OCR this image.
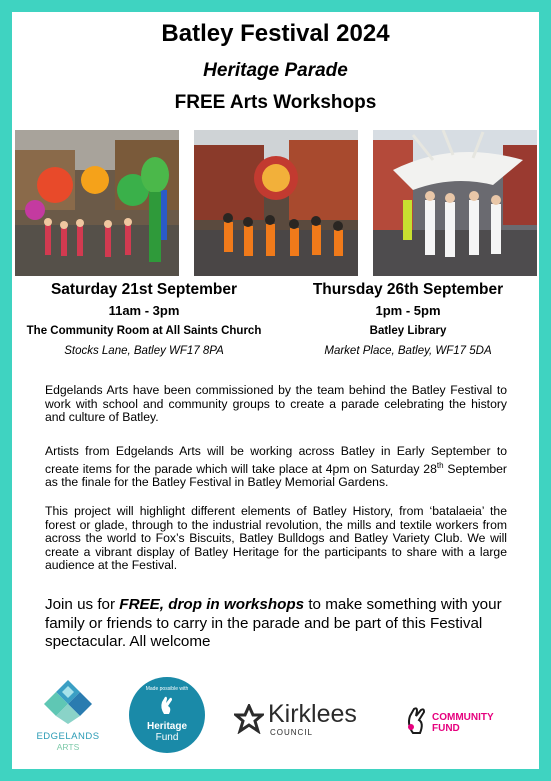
Batley Festival 2024
Heritage Parade
FREE Arts Workshops
Saturday 21st September
11am - 3pm
The Community Room at All Saints Church
Stocks Lane, Batley WF17 8PA
Thursday 26th September
1pm - 5pm
Batley Library
Market Place, Batley, WF17 5DA

Edgelands Arts have been commissioned by the team behind the Batley Festival to work with school and community groups to create a parade celebrating the history and culture of Batley.

Artists from Edgelands Arts will be working across Batley in Early September to create items for the parade which will take place at 4pm on Saturday 28th September as the finale for the Batley Festival in Batley Memorial Gardens.

This project will highlight different elements of Batley History, from ‘batalaeia’ the forest or glade, through to the industrial revolution, the mills and textile workers from across the world to Fox’s Biscuits, Batley Bulldogs and Batley Variety Club. We will create a vibrant display of Batley Heritage for the participants to share with a large audience at the Festival.

Join us for FREE, drop in workshops to make something with your family or friends to carry in the parade and be part of this Festival spectacular. All welcome
EDGELANDS
ARTS
Made possible with
Heritage
Fund
Kirklees
COUNCIL
COMMUNITY
FUND
